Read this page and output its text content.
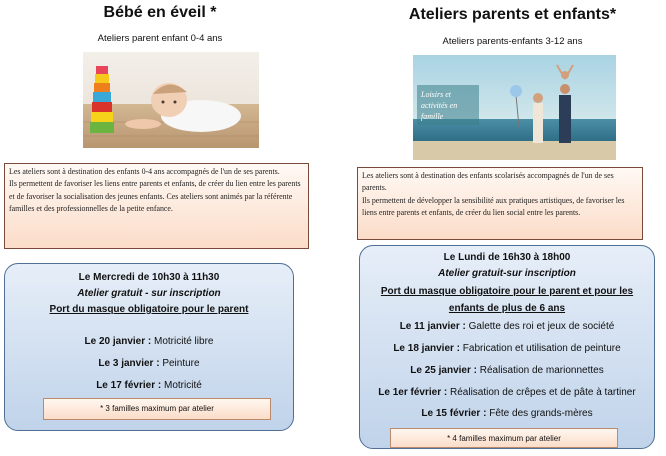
Bébé en éveil *
Ateliers parent enfant 0-4 ans

Les ateliers sont à destination des enfants 0-4 ans accompagnés de l'un de ses parents.

Ils permettent de favoriser les liens entre parents et enfants, de créer du lien entre les parents et de favoriser la socialisation des jeunes enfants. Ces ateliers sont animés par la référente familles et des professionnelles de la petite enfance.

Le Mercredi de 10h30 à 11h30
Atelier gratuit - sur inscription
Port du masque obligatoire pour le parent
Le 20 janvier : Motricité libre
Le 3 janvier : Peinture
Le 17 février : Motricité
* 3 familles maximum par atelier
Ateliers parents et enfants*
Ateliers parents-enfants 3-12 ans
Loisirs et activités en famille

Les ateliers sont à destination des enfants scolarisés accompagnés de l'un de ses parents.

Ils permettent de développer la sensibilité aux pratiques artistiques, de favoriser les liens entre parents et enfants, de créer du lien social entre les parents.

Le Lundi de 16h30 à 18h00
Atelier gratuit-sur inscription
Port du masque obligatoire pour le parent et pour les
enfants de plus de 6 ans
Le 11 janvier : Galette des roi et jeux de société
Le 18 janvier : Fabrication et utilisation de peinture
Le 25 janvier : Réalisation de marionnettes
Le 1er février : Réalisation de crêpes et de pâte à tartiner
Le 15 février : Fête des grands-mères
* 4 familles maximum par atelier
